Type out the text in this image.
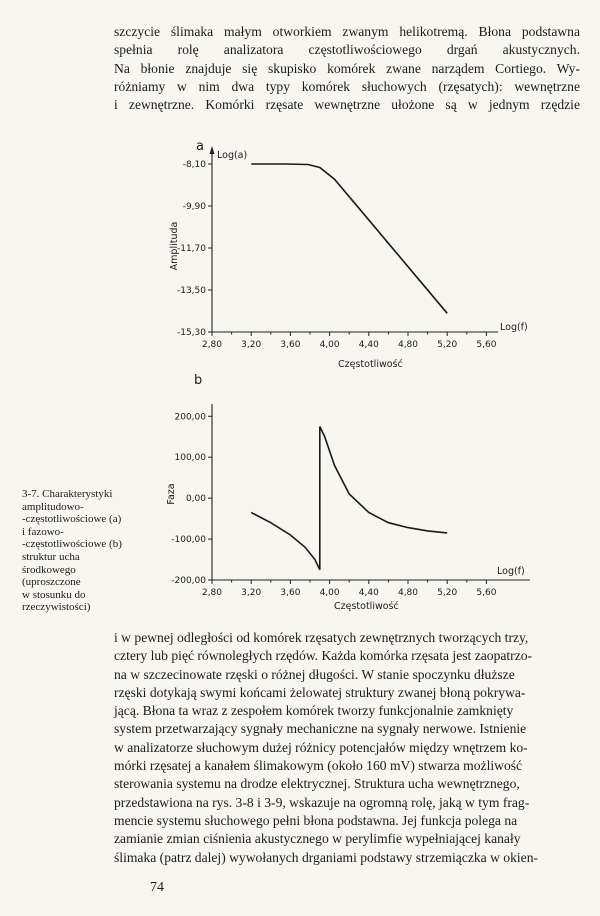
szczycie ślimaka małym otworkiem zwanym helikotremą. Błona podstawna
spełnia rolę analizatora częstotliwościowego drgań akustycznych.
Na błonie znajduje się skupisko komórek zwane narządem Cortiego. Wy-
różniamy w nim dwa typy komórek słuchowych (rzęsatych): wewnętrzne
i zewnętrzne. Komórki rzęsate wewnętrzne ułożone są w jednym rzędzie
a
Log(a)
Log(f)
Częstotliwość
Amplituda
-8,10
-9,90
-11,70
-13,50
-15,30
2,80 3,20 3,60 4,00 4,40 4,80 5,20 5,60
b
Log(f)
Częstotliwość
Faza
200,00
100,00
0,00
-100,00
-200,00
2,80 3,20 3,60 4,00 4,40 4,80 5,20 5,60
3-7. Charakterystyki
amplitudowo-
-częstotliwościowe (a)
i fazowo-
-częstotliwościowe (b)
struktur ucha
środkowego
(uproszczone
w stosunku do
rzeczywistości)
i w pewnej odległości od komórek rzęsatych zewnętrznych tworzących trzy,
cztery lub pięć równoległych rzędów. Każda komórka rzęsata jest zaopatrzo-
na w szczecinowate rzęski o różnej długości. W stanie spoczynku dłuższe
rzęski dotykają swymi końcami żelowatej struktury zwanej błoną pokrywa-
jącą. Błona ta wraz z zespołem komórek tworzy funkcjonalnie zamknięty
system przetwarzający sygnały mechaniczne na sygnały nerwowe. Istnienie
w analizatorze słuchowym dużej różnicy potencjałów między wnętrzem ko-
mórki rzęsatej a kanałem ślimakowym (około 160 mV) stwarza możliwość
sterowania systemu na drodze elektrycznej. Struktura ucha wewnętrznego,
przedstawiona na rys. 3-8 i 3-9, wskazuje na ogromną rolę, jaką w tym frag-
mencie systemu słuchowego pełni błona podstawna. Jej funkcja polega na
zamianie zmian ciśnienia akustycznego w perylimfie wypełniającej kanały
ślimaka (patrz dalej) wywołanych drganiami podstawy strzemiączka w okien-
74
